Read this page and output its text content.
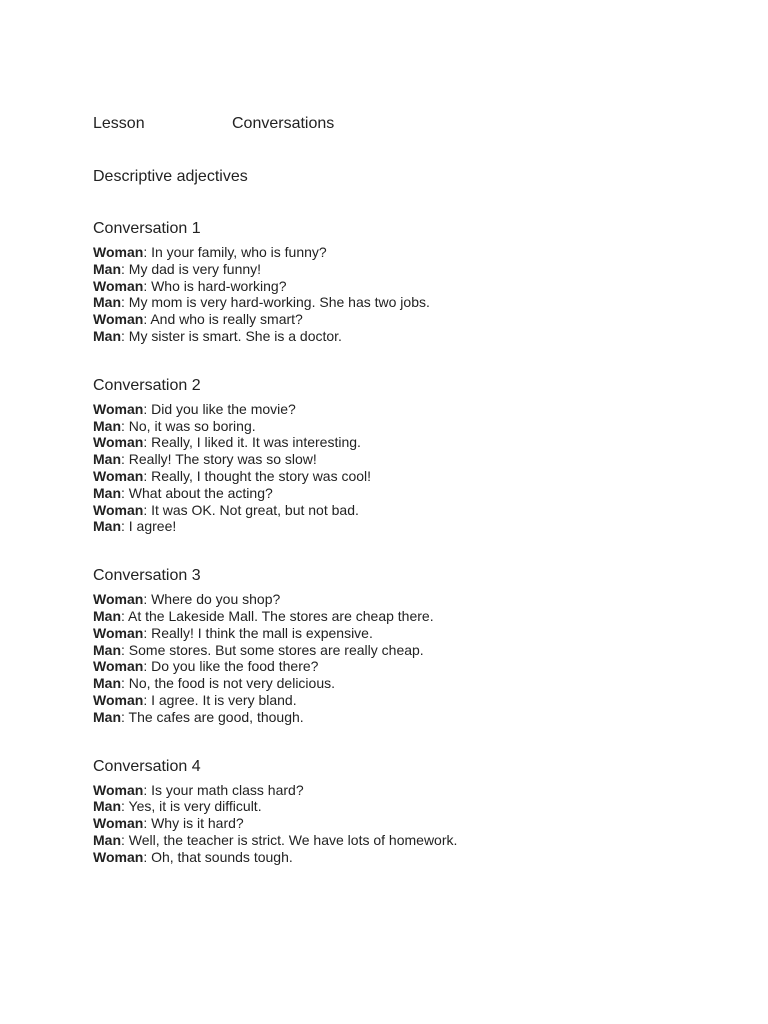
Lesson	Conversations
Descriptive adjectives
Conversation 1
Woman: In your family, who is funny?
Man: My dad is very funny!
Woman: Who is hard-working?
Man: My mom is very hard-working. She has two jobs.
Woman: And who is really smart?
Man: My sister is smart. She is a doctor.
Conversation 2
Woman: Did you like the movie?
Man: No, it was so boring.
Woman: Really, I liked it. It was interesting.
Man: Really! The story was so slow!
Woman: Really, I thought the story was cool!
Man: What about the acting?
Woman: It was OK. Not great, but not bad.
Man: I agree!
Conversation 3
Woman: Where do you shop?
Man: At the Lakeside Mall. The stores are cheap there.
Woman: Really! I think the mall is expensive.
Man: Some stores. But some stores are really cheap.
Woman: Do you like the food there?
Man: No, the food is not very delicious.
Woman: I agree. It is very bland.
Man: The cafes are good, though.
Conversation 4
Woman: Is your math class hard?
Man: Yes, it is very difficult.
Woman: Why is it hard?
Man: Well, the teacher is strict. We have lots of homework.
Woman: Oh, that sounds tough.
